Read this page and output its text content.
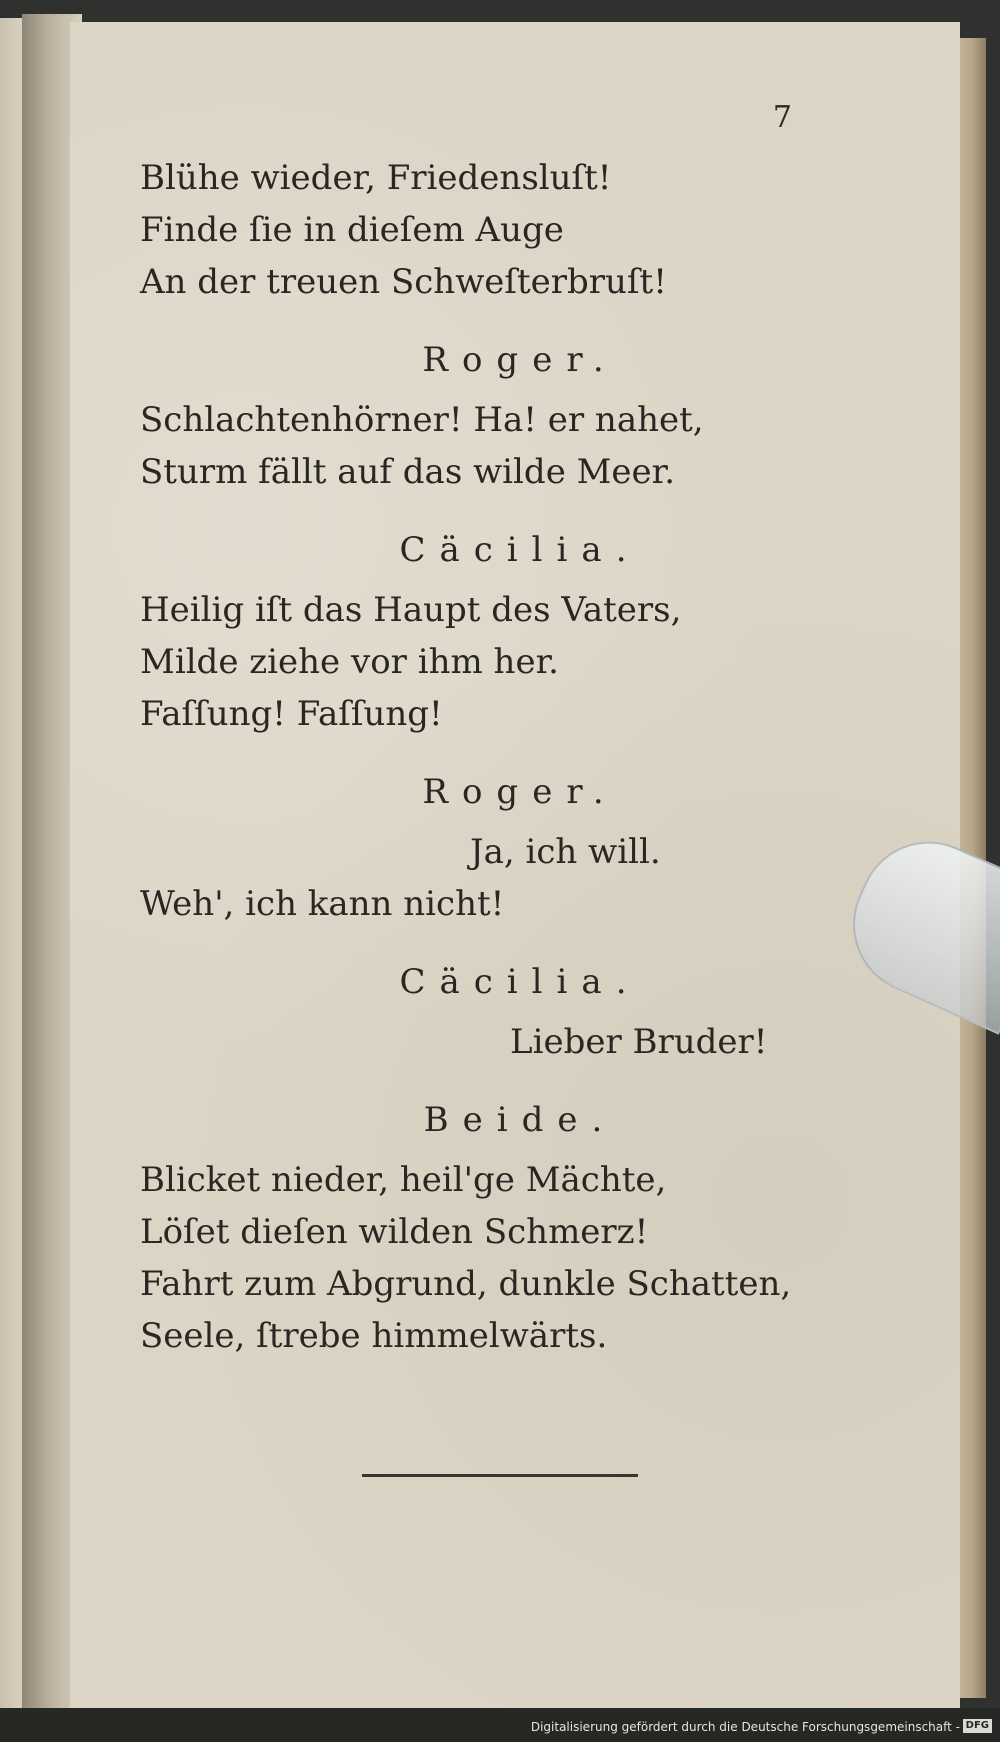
7
Blühe wieder, Friedensluſt!
Finde ſie in dieſem Auge
An der treuen Schweſterbruſt!
Roger.
Schlachtenhörner! Ha! er nahet,
Sturm fällt auf das wilde Meer.
Cäcilia.
Heilig iſt das Haupt des Vaters,
Milde ziehe vor ihm her.
Faſſung! Faſſung!
Roger.
Ja, ich will.
Weh', ich kann nicht!
Cäcilia.
Lieber Bruder!
Beide.
Blicket nieder, heil'ge Mächte,
Löſet dieſen wilden Schmerz!
Fahrt zum Abgrund, dunkle Schatten,
Seele, ſtrebe himmelwärts.
Digitalisierung gefördert durch die Deutsche Forschungsgemeinschaft - DFG
